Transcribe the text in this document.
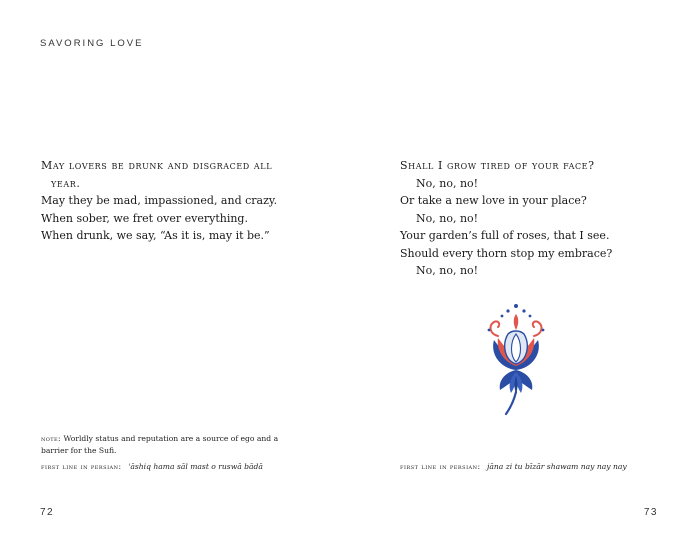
SAVORING LOVE
May lovers be drunk and disgraced all
year.
May they be mad, impassioned, and crazy.
When sober, we fret over everything.
When drunk, we say, “As it is, may it be.”
Shall I grow tired of your face?
No, no, no!
Or take a new love in your place?
No, no, no!
Your garden’s full of roses, that I see.
Should every thorn stop my embrace?
No, no, no!
note: Worldly status and reputation are a source of ego and a barrier for the Sufi.
first line in persian: ʿāshiq hama sāl mast o ruswā bādā	first line in persian: jāna zi tu bīzār shawam nay nay nay
72	73
